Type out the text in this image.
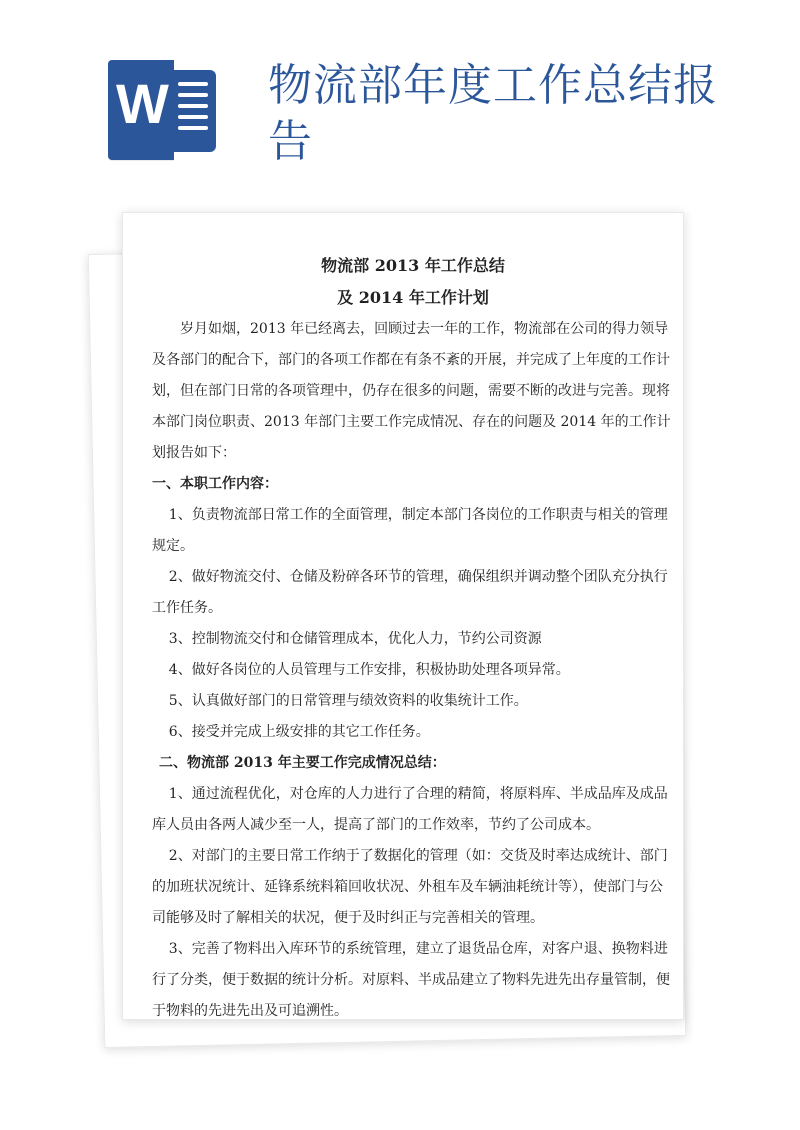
W 物流部年度工作总结报告
物流部 2013 年工作总结
及 2014 年工作计划

岁月如烟，2013 年已经离去，回顾过去一年的工作，物流部在公司的得力领导及各部门的配合下，部门的各项工作都在有条不紊的开展，并完成了上年度的工作计划，但在部门日常的各项管理中，仍存在很多的问题，需要不断的改进与完善。现将本部门岗位职责、2013 年部门主要工作完成情况、存在的问题及 2014 年的工作计划报告如下：

一、本职工作内容：

1、负责物流部日常工作的全面管理，制定本部门各岗位的工作职责与相关的管理规定。

2、做好物流交付、仓储及粉碎各环节的管理，确保组织并调动整个团队充分执行工作任务。

3、控制物流交付和仓储管理成本，优化人力，节约公司资源

4、做好各岗位的人员管理与工作安排，积极协助处理各项异常。

5、认真做好部门的日常管理与绩效资料的收集统计工作。

6、接受并完成上级安排的其它工作任务。

二、物流部 2013 年主要工作完成情况总结：

1、通过流程优化，对仓库的人力进行了合理的精简，将原料库、半成品库及成品库人员由各两人减少至一人，提高了部门的工作效率，节约了公司成本。

2、对部门的主要日常工作纳于了数据化的管理（如：交货及时率达成统计、部门的加班状况统计、延锋系统料箱回收状况、外租车及车辆油耗统计等），使部门与公司能够及时了解相关的状况，便于及时纠正与完善相关的管理。

3、完善了物料出入库环节的系统管理，建立了退货品仓库，对客户退、换物料进行了分类，便于数据的统计分析。对原料、半成品建立了物料先进先出存量管制，便于物料的先进先出及可追溯性。
